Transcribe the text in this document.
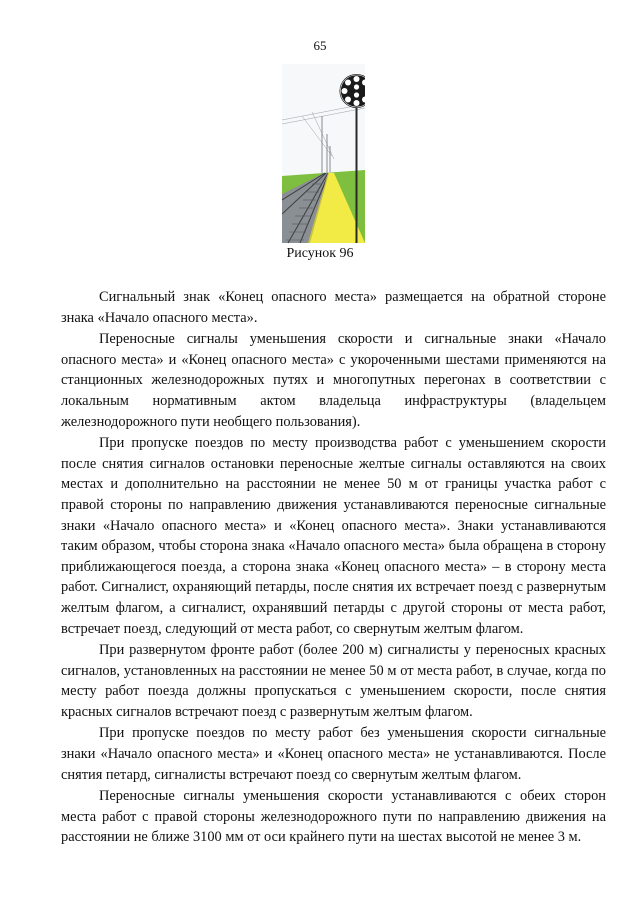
65
Рисунок 96

Сигнальный знак «Конец опасного места» размещается на обратной стороне знака «Начало опасного места».

Переносные сигналы уменьшения скорости и сигнальные знаки «Начало опасного места» и «Конец опасного места» с укороченными шестами применяются на станционных железнодорожных путях и многопутных перегонах в соответствии с локальным нормативным актом владельца инфраструктуры (владельцем железнодорожного пути необщего пользования).

При пропуске поездов по месту производства работ с уменьшением скорости после снятия сигналов остановки переносные желтые сигналы оставляются на своих местах и дополнительно на расстоянии не менее 50 м от границы участка работ с правой стороны по направлению движения устанавливаются переносные сигнальные знаки «Начало опасного места» и «Конец опасного места». Знаки устанавливаются таким образом, чтобы сторона знака «Начало опасного места» была обращена в сторону приближающегося поезда, а сторона знака «Конец опасного места» – в сторону места работ. Сигналист, охраняющий петарды, после снятия их встречает поезд с развернутым желтым флагом, а сигналист, охранявший петарды с другой стороны от места работ, встречает поезд, следующий от места работ, со свернутым желтым флагом.

При развернутом фронте работ (более 200 м) сигналисты у переносных красных сигналов, установленных на расстоянии не менее 50 м от места работ, в случае, когда по месту работ поезда должны пропускаться с уменьшением скорости, после снятия красных сигналов встречают поезд с развернутым желтым флагом.

При пропуске поездов по месту работ без уменьшения скорости сигнальные знаки «Начало опасного места» и «Конец опасного места» не устанавливаются. После снятия петард, сигналисты встречают поезд со свернутым желтым флагом.

Переносные сигналы уменьшения скорости устанавливаются с обеих сторон места работ с правой стороны железнодорожного пути по направлению движения на расстоянии не ближе 3100 мм от оси крайнего пути на шестах высотой не менее 3 м.
